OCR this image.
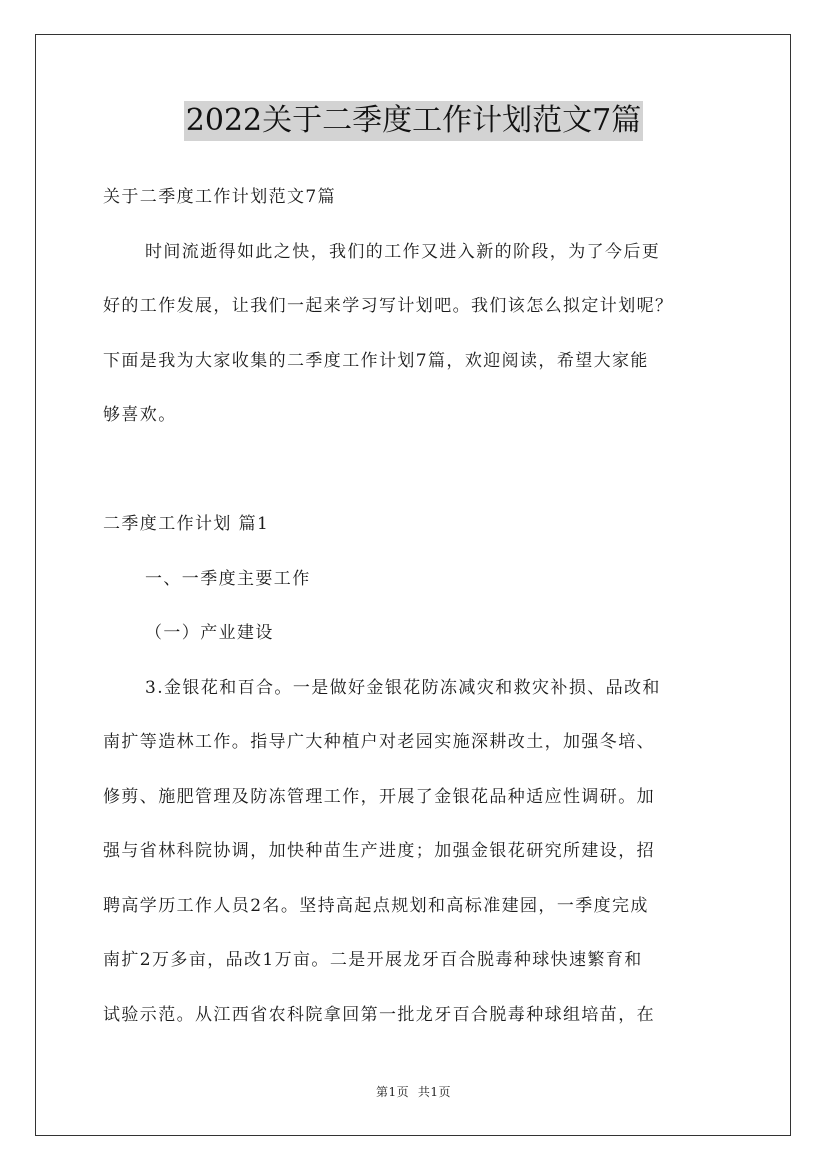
2022关于二季度工作计划范文7篇
关于二季度工作计划范文7篇
时间流逝得如此之快，我们的工作又进入新的阶段，为了今后更
好的工作发展，让我们一起来学习写计划吧。我们该怎么拟定计划呢？
下面是我为大家收集的二季度工作计划7篇，欢迎阅读，希望大家能
够喜欢。
二季度工作计划 篇1
一、一季度主要工作
（一）产业建设
3.金银花和百合。一是做好金银花防冻减灾和救灾补损、品改和
南扩等造林工作。指导广大种植户对老园实施深耕改土，加强冬培、
修剪、施肥管理及防冻管理工作，开展了金银花品种适应性调研。加
强与省林科院协调，加快种苗生产进度；加强金银花研究所建设，招
聘高学历工作人员2名。坚持高起点规划和高标准建园，一季度完成
南扩2万多亩，品改1万亩。二是开展龙牙百合脱毒种球快速繁育和
试验示范。从江西省农科院拿回第一批龙牙百合脱毒种球组培苗，在
第1页 共1页
